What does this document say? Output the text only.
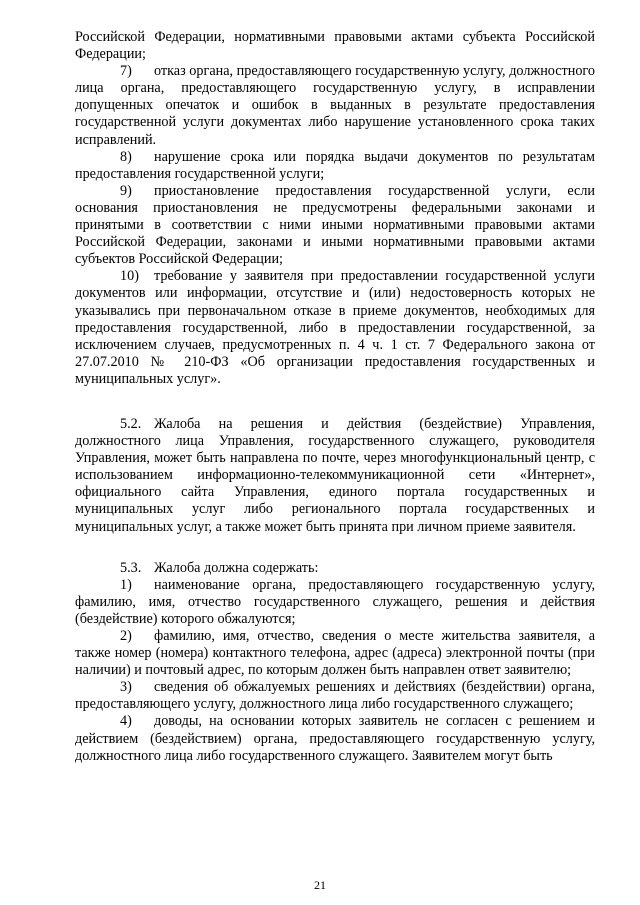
Российской Федерации, нормативными правовыми актами субъекта Российской Федерации;

7) отказ органа, предоставляющего государственную услугу, должностного лица органа, предоставляющего государственную услугу, в исправлении допущенных опечаток и ошибок в выданных в результате предоставления государственной услуги документах либо нарушение установленного срока таких исправлений.

8) нарушение срока или порядка выдачи документов по результатам предоставления государственной услуги;

9) приостановление предоставления государственной услуги, если основания приостановления не предусмотрены федеральными законами и принятыми в соответствии с ними иными нормативными правовыми актами Российской Федерации, законами и иными нормативными правовыми актами субъектов Российской Федерации;

10) требование у заявителя при предоставлении государственной услуги документов или информации, отсутствие и (или) недостоверность которых не указывались при первоначальном отказе в приеме документов, необходимых для предоставления государственной, либо в предоставлении государственной, за исключением случаев, предусмотренных п. 4 ч. 1 ст. 7 Федерального закона от 27.07.2010 № 210-ФЗ «Об организации предоставления государственных и муниципальных услуг».

5.2. Жалоба на решения и действия (бездействие) Управления, должностного лица Управления, государственного служащего, руководителя Управления, может быть направлена по почте, через многофункциональный центр, с использованием информационно-телекоммуникационной сети «Интернет», официального сайта Управления, единого портала государственных и муниципальных услуг либо регионального портала государственных и муниципальных услуг, а также может быть принята при личном приеме заявителя.

5.3. Жалоба должна содержать:

1) наименование органа, предоставляющего государственную услугу, фамилию, имя, отчество государственного служащего, решения и действия (бездействие) которого обжалуются;

2) фамилию, имя, отчество, сведения о месте жительства заявителя, а также номер (номера) контактного телефона, адрес (адреса) электронной почты (при наличии) и почтовый адрес, по которым должен быть направлен ответ заявителю;

3) сведения об обжалуемых решениях и действиях (бездействии) органа, предоставляющего услугу, должностного лица либо государственного служащего;

4) доводы, на основании которых заявитель не согласен с решением и действием (бездействием) органа, предоставляющего государственную услугу, должностного лица либо государственного служащего. Заявителем могут быть

21
